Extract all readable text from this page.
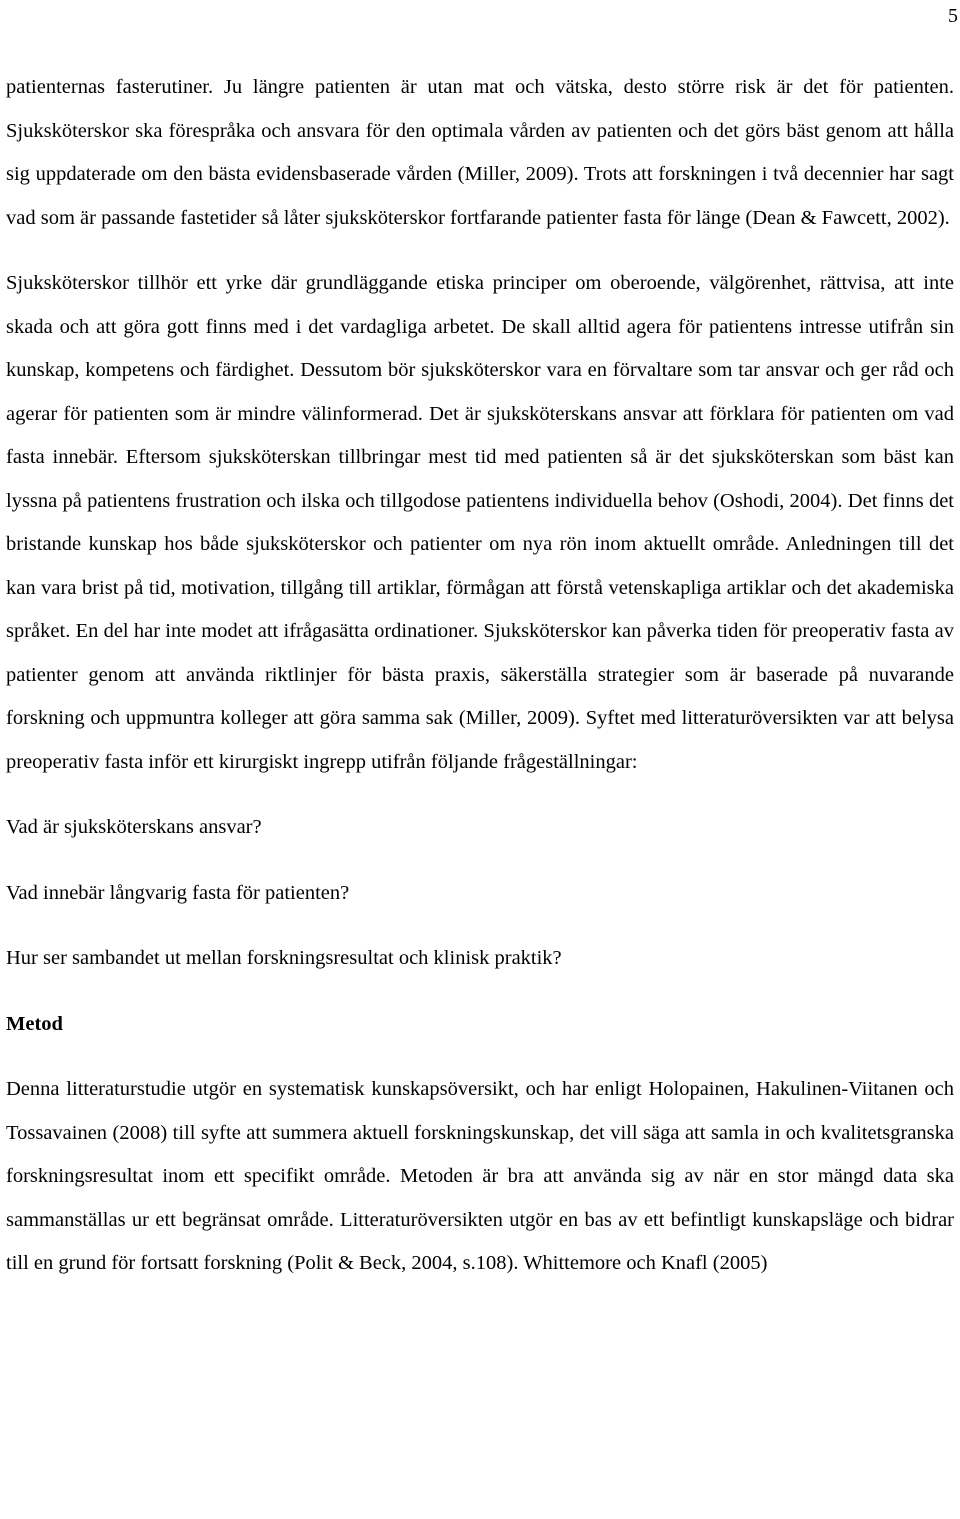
5

patienternas fasterutiner. Ju längre patienten är utan mat och vätska, desto större risk är det för patienten. Sjuksköterskor ska förespråka och ansvara för den optimala vården av patienten och det görs bäst genom att hålla sig uppdaterade om den bästa evidensbaserade vården (Miller, 2009). Trots att forskningen i två decennier har sagt vad som är passande fastetider så låter sjuksköterskor fortfarande patienter fasta för länge (Dean & Fawcett, 2002).

Sjuksköterskor tillhör ett yrke där grundläggande etiska principer om oberoende, välgörenhet, rättvisa, att inte skada och att göra gott finns med i det vardagliga arbetet. De skall alltid agera för patientens intresse utifrån sin kunskap, kompetens och färdighet. Dessutom bör sjuksköterskor vara en förvaltare som tar ansvar och ger råd och agerar för patienten som är mindre välinformerad. Det är sjuksköterskans ansvar att förklara för patienten om vad fasta innebär. Eftersom sjuksköterskan tillbringar mest tid med patienten så är det sjuksköterskan som bäst kan lyssna på patientens frustration och ilska och tillgodose patientens individuella behov (Oshodi, 2004). Det finns det bristande kunskap hos både sjuksköterskor och patienter om nya rön inom aktuellt område. Anledningen till det kan vara brist på tid, motivation, tillgång till artiklar, förmågan att förstå vetenskapliga artiklar och det akademiska språket. En del har inte modet att ifrågasätta ordinationer. Sjuksköterskor kan påverka tiden för preoperativ fasta av patienter genom att använda riktlinjer för bästa praxis, säkerställa strategier som är baserade på nuvarande forskning och uppmuntra kolleger att göra samma sak (Miller, 2009). Syftet med litteraturöversikten var att belysa preoperativ fasta inför ett kirurgiskt ingrepp utifrån följande frågeställningar:

Vad är sjuksköterskans ansvar?

Vad innebär långvarig fasta för patienten?

Hur ser sambandet ut mellan forskningsresultat och klinisk praktik?

Metod

Denna litteraturstudie utgör en systematisk kunskapsöversikt, och har enligt Holopainen, Hakulinen-Viitanen och Tossavainen (2008) till syfte att summera aktuell forskningskunskap, det vill säga att samla in och kvalitetsgranska forskningsresultat inom ett specifikt område. Metoden är bra att använda sig av när en stor mängd data ska sammanställas ur ett begränsat område. Litteraturöversikten utgör en bas av ett befintligt kunskapsläge och bidrar till en grund för fortsatt forskning (Polit & Beck, 2004, s.108). Whittemore och Knafl (2005)
